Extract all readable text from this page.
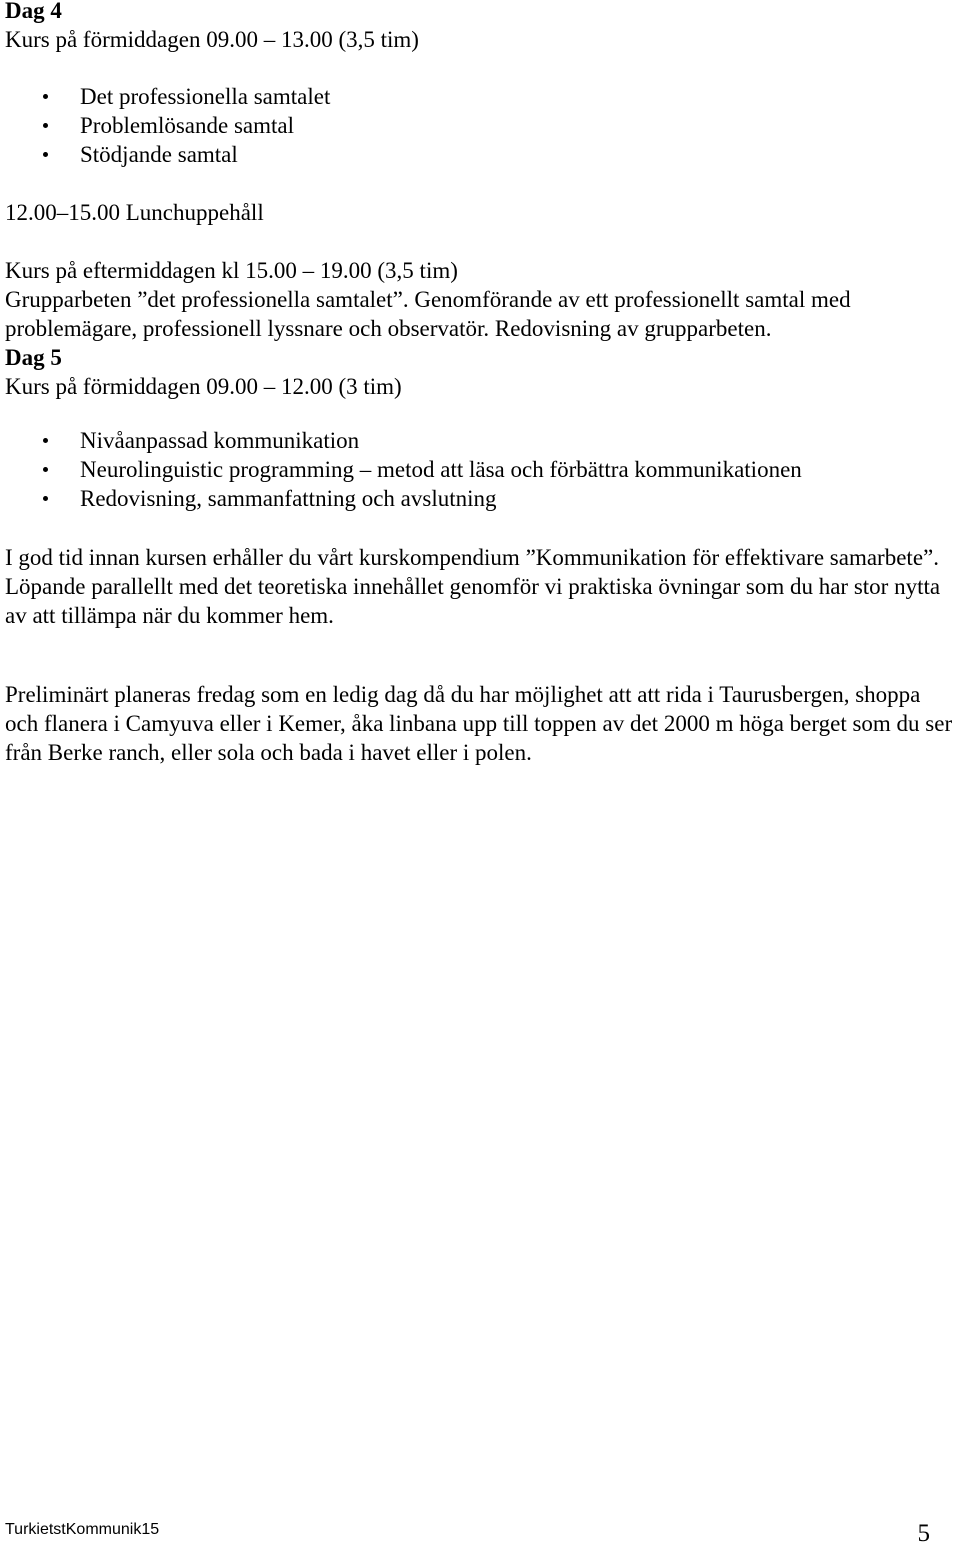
Dag 4
Kurs på förmiddagen 09.00 – 13.00 (3,5 tim)
Det professionella samtalet
Problemlösande samtal
Stödjande samtal
12.00–15.00 Lunchuppehåll
Kurs på eftermiddagen kl 15.00 – 19.00 (3,5 tim)
Grupparbeten ”det professionella samtalet”. Genomförande av ett professionellt samtal med problemägare, professionell lyssnare och observatör. Redovisning av grupparbeten.
Dag 5
Kurs på förmiddagen 09.00 – 12.00 (3 tim)
Nivåanpassad kommunikation
Neurolinguistic programming – metod att läsa och förbättra kommunikationen
Redovisning, sammanfattning och avslutning

I god tid innan kursen erhåller du vårt kurskompendium ”Kommunikation för effektivare samarbete”. Löpande parallellt med det teoretiska innehållet genomför vi praktiska övningar som du har stor nytta av att tillämpa när du kommer hem.

Preliminärt planeras fredag som en ledig dag då du har möjlighet att att rida i Taurusbergen, shoppa och flanera i Camyuva eller i Kemer, åka linbana upp till toppen av det 2000 m höga berget som du ser från Berke ranch, eller sola och bada i havet eller i polen.

TurkietstKommunik15	5
